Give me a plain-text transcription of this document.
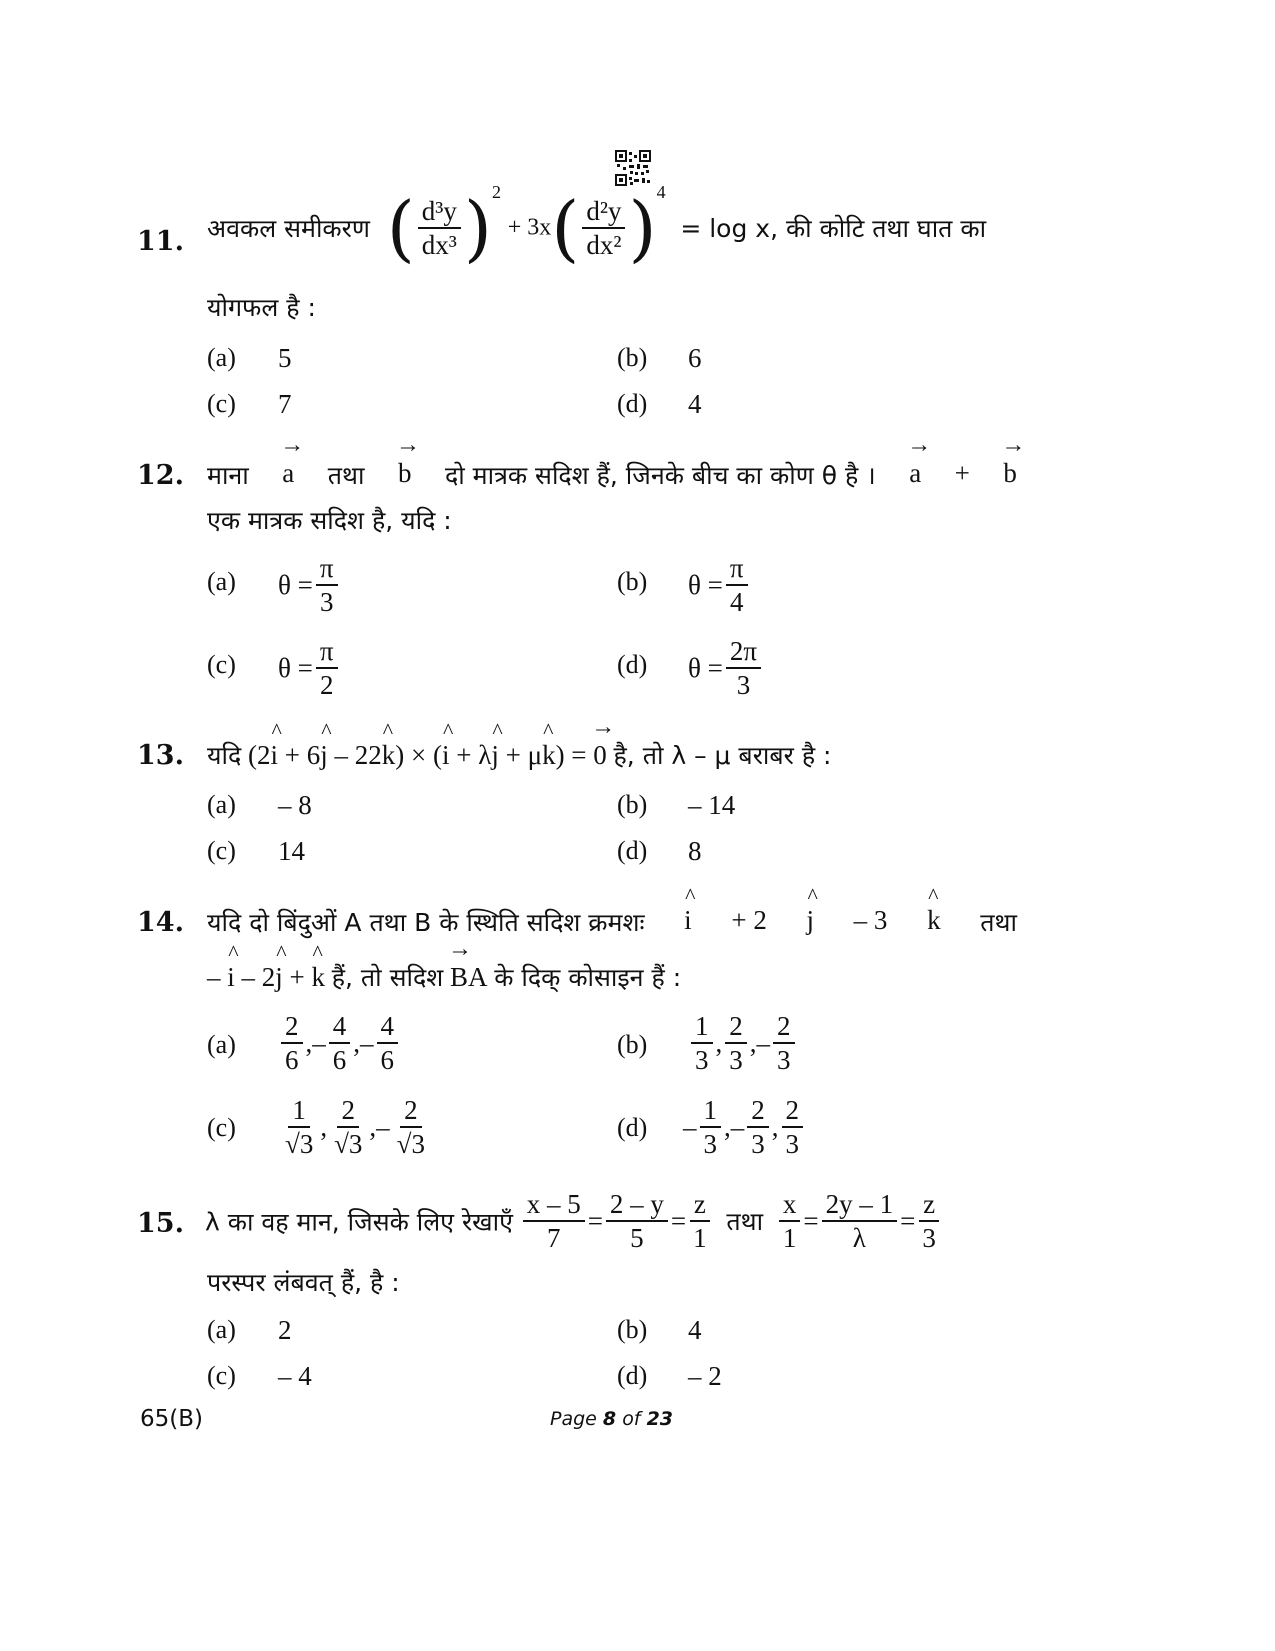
11. अवकल समीकरण ( $\frac{\text{d³y}}{\text{dx³}} )^2 + 3x( \frac{\text{d²y}}{\text{dx²}} )^4 = \log x$, की कोटि तथा घात का
योगफल है :
(a) 5	(b) 6
(c) 7	(d) 4
12. माना → a तथा → b दो मात्रक सदिश हैं, जिनके बीच का कोण θ है । → a + → b
एक मात्रक सदिश है, यदि :
(a) $\theta = \frac{\pi}{3}$	(b) $\theta = \frac{\pi}{4}$
(c) $\theta = \frac{\pi}{2}$	(d) $\theta = \frac{2\pi}{3}$
13. यदि (2^ i + 6^ j – 22^ k) × (^ i + λ^ j + μ^ k) = → 0 है, तो λ – μ बराबर है :
(a) – 8	(b) – 14
(c) 14	(d) 8
14. यदि दो बिंदुओं A तथा B के स्थिति सदिश क्रमशः ^ i + 2 ^ j – 3 ^ k तथा
– ^ i – 2^ j + ^ k हैं, तो सदिश → BA के दिक् कोसाइन हैं :
$(a) \frac{2}{6}$ ,– $\frac{4}{6}$ ,– $\frac{4}{6}$	$(b) \frac{1}{3}$ , $\frac{2}{3}$ ,– $\frac{2}{3}$
$(c) \frac{1}{√3}$ , $\frac{2}{√3}$ ,– $\frac{2}{√3}$	$(d) - \frac{1}{3}$ ,– $\frac{2}{3}$ , $\frac{2}{3}$
15. λ का वह मान, जिसके लिए रेखाएँ $\frac{x - 5}{7} = \frac{2 - y}{5} = \frac{z}{1}$ तथा $\frac{x}{1} = \frac{2y - 1}{\lambda} = \frac{z}{3}$
परस्पर लंबवत् हैं, है :
(a) 2	(b) 4
(c) – 4	(d) – 2
65(B)	Page 8 of 23
